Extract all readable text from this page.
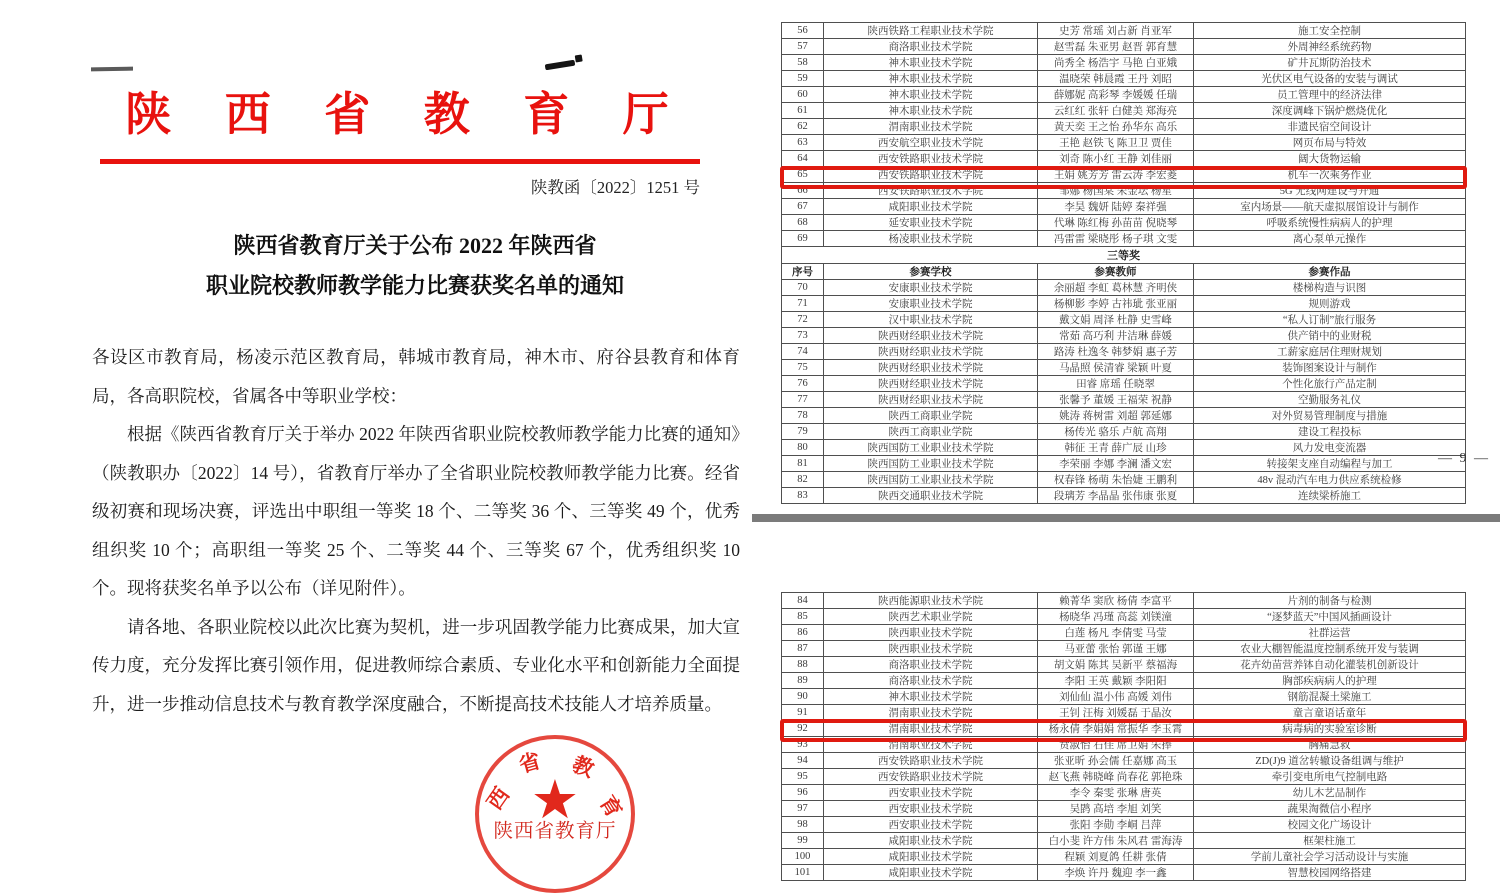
陕 西 省 教 育 厅
陕教函〔2022〕1251 号
陕西省教育厅关于公布 2022 年陕西省
职业院校教师教学能力比赛获奖名单的通知

各设区市教育局，杨凌示范区教育局，韩城市教育局，神木市、府谷县教育和体育局，各高职院校，省属各中等职业学校：

根据《陕西省教育厅关于举办 2022 年陕西省职业院校教师教学能力比赛的通知》（陕教职办〔2022〕14 号），省教育厅举办了全省职业院校教师教学能力比赛。经省级初赛和现场决赛，评选出中职组一等奖 18 个、二等奖 36 个、三等奖 49 个，优秀组织奖 10 个；高职组一等奖 25 个、二等奖 44 个、三等奖 67 个，优秀组织奖 10 个。现将获奖名单予以公布（详见附件）。

请各地、各职业院校以此次比赛为契机，进一步巩固教学能力比赛成果，加大宣传力度，充分发挥比赛引领作用，促进教师综合素质、专业化水平和创新能力全面提升，进一步推动信息技术与教育教学深度融合，不断提高技术技能人才培养质量。

★
西
省 教
育
陕西省教育厅
56	陕西铁路工程职业技术学院	史芳 常瑶 刘占新 肖亚军	施工安全控制
57	商洛职业技术学院	赵雪磊 朱亚男 赵晋 郭育慧	外周神经系统药物
58	神木职业技术学院	尚秀全 杨浩宇 马艳 白亚娥	矿井瓦斯防治技术
59	神木职业技术学院	温晓荣 韩晨霞 王丹 刘昭	光伏区电气设备的安装与调试
60	神木职业技术学院	薛娜妮 高彩琴 李媛媛 任瑞	员工管理中的经济法律
61	神木职业技术学院	云红红 张轩 白健美 郑海亮	深度调峰下锅炉燃烧优化
62	渭南职业技术学院	黄天奕 王之怡 孙华东 高乐	非遗民宿空间设计
63	西安航空职业技术学院	王艳 赵铁飞 陈卫卫 贾佳	网页布局与特效
64	西安铁路职业技术学院	刘奇 陈小红 王静 刘佳丽	阔大货物运输
65	西安铁路职业技术学院	王娟 姚芳芳 雷云涛 李宏菱	机车一次乘务作业
66	西安铁路职业技术学院	邹娜 杨国棠 朱金坛 杨星	5G 无线网建设与开通
67	咸阳职业技术学院	李昊 魏妍 陆婷 秦祥强	室内场景——航天虚拟展馆设计与制作
68	延安职业技术学院	代琳 陈红梅 孙苗苗 倪晓琴	呼吸系统慢性病病人的护理
69	杨凌职业技术学院	冯雷雷 梁晓彤 杨子琪 文雯	离心泵单元操作
三等奖			
序号	参赛学校	参赛教师	参赛作品
70	安康职业技术学院	余丽超 李虹 葛林慧 齐明侠	楼梯构造与识图
71	安康职业技术学院	杨柳影 李婷 古祎玼 张亚丽	规则游戏
72	汉中职业技术学院	戴文娟 周泽 杜静 史雪峰	“私人订制”旅行服务
73	陕西财经职业技术学院	常茹 高巧利 井洁琳 薛媛	供产销中的业财税
74	陕西财经职业技术学院	路涛 杜逸冬 韩梦娟 惠子芳	工薪家庭居住理财规划
75	陕西财经职业技术学院	马晶照 侯清睿 梁颖 叶夏	装饰图案设计与制作
76	陕西财经职业技术学院	田睿 席瑶 任晓翠	个性化旅行产品定制
77	陕西财经职业技术学院	张馨予 董媛 王福荣 祝静	空勤服务礼仪
78	陕西工商职业学院	姚涛 蒋树雷 刘超 郭延娜	对外贸易管理制度与措施
79	陕西工商职业学院	杨传光 骆乐 卢航 高翔	建设工程投标
80	陕西国防工业职业技术学院	韩征 王青 薛广辰 山珍	风力发电变流器
81	陕西国防工业职业技术学院	李荣丽 李娜 李澜 潘文宏	转接架支座自动编程与加工
82	陕西国防工业职业技术学院	权春锋 杨萌 朱怡婕 王鹏利	48v 混动汽车电力供应系统检修
83	陕西交通职业技术学院	段璃芳 李晶晶 张伟康 张夏	连续梁桥施工
— 9 —
84	陕西能源职业技术学院	赖菁华 窦欣 杨倩 李富平	片剂的制备与检测
85	陕西艺术职业学院	杨晓华 冯瑾 高蕊 刘镁潼	“逐梦蓝天”中国风插画设计
86	陕西职业技术学院	白莲 杨凡 李倩雯 马莹	社群运营
87	陕西职业技术学院	马亚蕾 张怡 郭谨 王娜	农业大棚智能温度控制系统开发与装调
88	商洛职业技术学院	胡文娟 陈其 吴新平 蔡福海	花卉幼苗营养钵自动化灌装机创新设计
89	商洛职业技术学院	李阳 王英 戴颖 李阳阳	胸部疾病病人的护理
90	神木职业技术学院	刘仙仙 温小伟 高媛 刘伟	钢筋混凝土梁施工
91	渭南职业技术学院	王钊 汪梅 刘媛磊 于晶汝	童言童语话童年
92	渭南职业技术学院	杨永倩 李娟娟 常振华 李玉霄	病毒病的实验室诊断
93	渭南职业技术学院	贲淑怡 石佳 席卫娟 朱捧	胸痛急救
94	西安铁路职业技术学院	张亚昕 孙会儒 任嘉娜 高玉	ZD(J)9 道岔转辙设备组调与维护
95	西安铁路职业技术学院	赵飞燕 韩晓峰 尚春花 郭艳珠	牵引变电所电气控制电路
96	西安职业技术学院	李令 秦雯 张琳 唐英	幼儿木艺品制作
97	西安职业技术学院	吴鹍 高培 李旭 刘笑	蔬果淘微信小程序
98	西安职业技术学院	张阳 李勋 李峒 吕萍	校园文化广场设计
99	咸阳职业技术学院	白小斐 许方伟 朱风君 雷海涛	框架柱施工
100	咸阳职业技术学院	程颖 刘夏鸽 任耕 张倩	学前儿童社会学习活动设计与实施
101	咸阳职业技术学院	李焕 许丹 魏迎 李一鑫	智慧校园网络搭建
